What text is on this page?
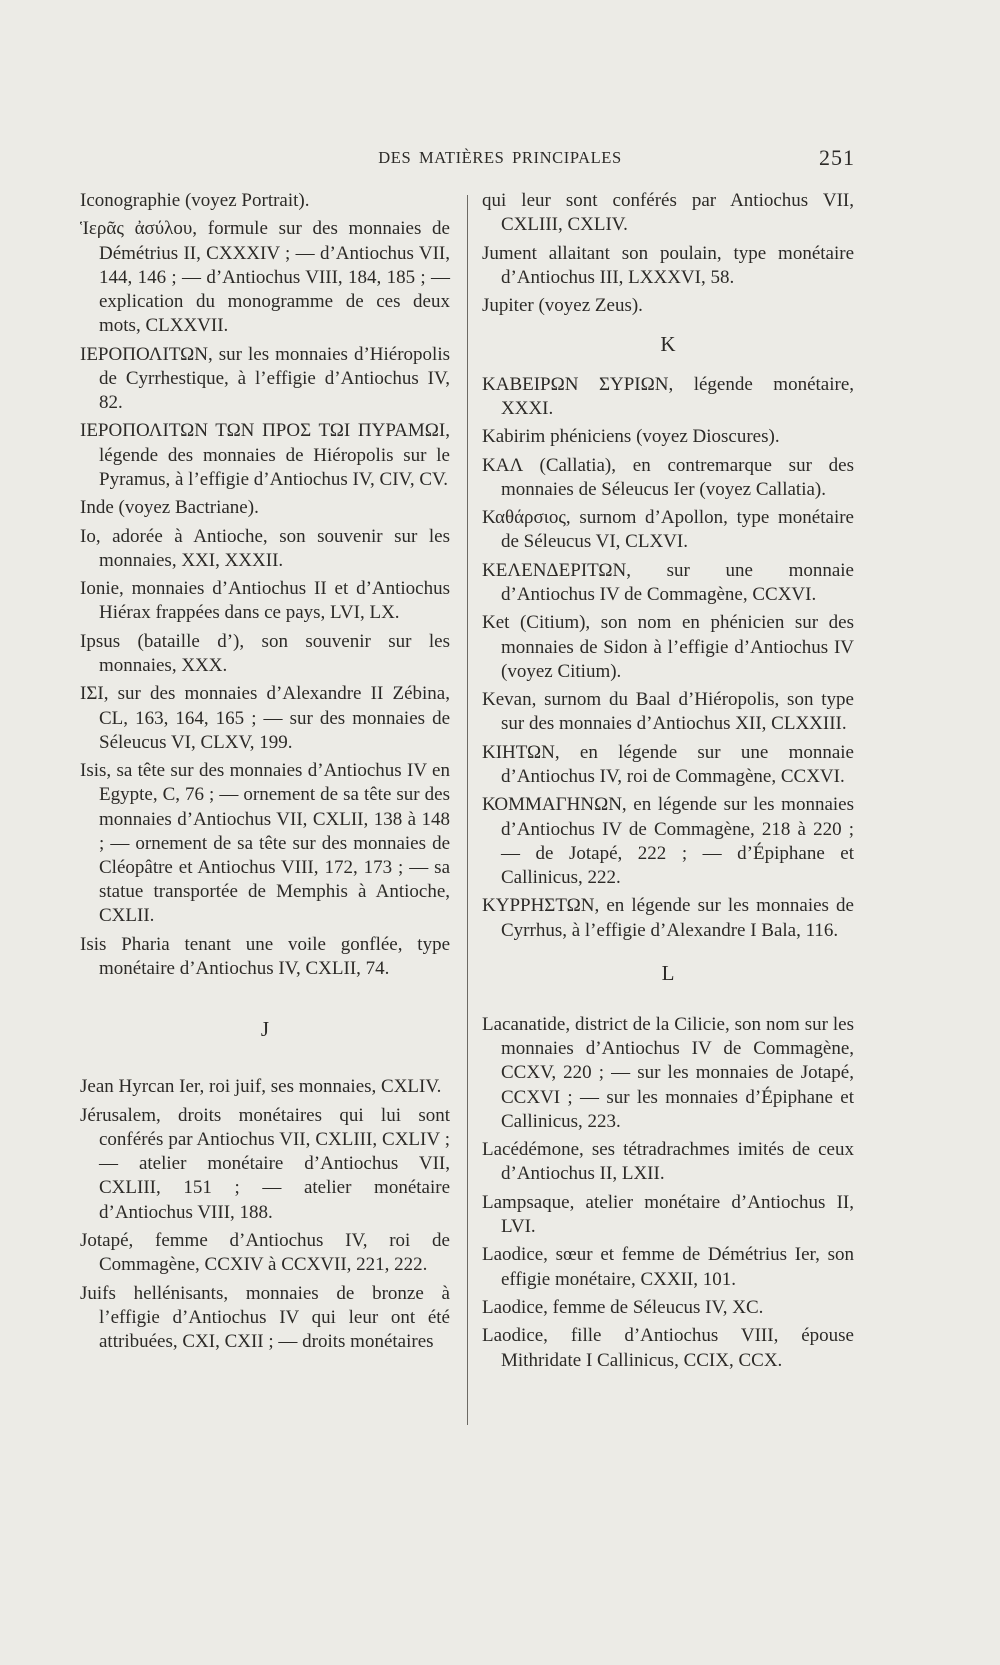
DES MATIÈRES PRINCIPALES	251

Iconographie (voyez Portrait).

Ἱερᾶς ἀσύλου, formule sur des monnaies de Démétrius II, CXXXIV ; — d’Antiochus VII, 144, 146 ; — d’Antiochus VIII, 184, 185 ; — explication du monogramme de ces deux mots, CLXXVII.

ΙΕΡΟΠΟΛΙΤΩΝ, sur les monnaies d’Hiéropolis de Cyrrhestique, à l’effigie d’Antiochus IV, 82.

ΙΕΡΟΠΟΛΙΤΩΝ ΤΩΝ ΠΡΟΣ ΤΩΙ ΠΥΡΑΜΩΙ, légende des monnaies de Hiéropolis sur le Pyramus, à l’effigie d’Antiochus IV, CIV, CV.

Inde (voyez Bactriane).

Io, adorée à Antioche, son souvenir sur les monnaies, XXI, XXXII.

Ionie, monnaies d’Antiochus II et d’Antiochus Hiérax frappées dans ce pays, LVI, LX.

Ipsus (bataille d’), son souvenir sur les monnaies, XXX.

ΙΣΙ, sur des monnaies d’Alexandre II Zébina, CL, 163, 164, 165 ; — sur des monnaies de Séleucus VI, CLXV, 199.

Isis, sa tête sur des monnaies d’Antiochus IV en Egypte, C, 76 ; — ornement de sa tête sur des monnaies d’Antiochus VII, CXLII, 138 à 148 ; — ornement de sa tête sur des monnaies de Cléopâtre et Antiochus VIII, 172, 173 ; — sa statue transportée de Memphis à Antioche, CXLII.

Isis Pharia tenant une voile gonflée, type monétaire d’Antiochus IV, CXLII, 74.

J

Jean Hyrcan Ier, roi juif, ses monnaies, CXLIV.

Jérusalem, droits monétaires qui lui sont conférés par Antiochus VII, CXLIII, CXLIV ; — atelier monétaire d’Antiochus VII, CXLIII, 151 ; — atelier monétaire d’Antiochus VIII, 188.

Jotapé, femme d’Antiochus IV, roi de Commagène, CCXIV à CCXVII, 221, 222.

Juifs hellénisants, monnaies de bronze à l’effigie d’Antiochus IV qui leur ont été attribuées, CXI, CXII ; — droits monétaires

qui leur sont conférés par Antiochus VII, CXLIII, CXLIV.

Jument allaitant son poulain, type monétaire d’Antiochus III, LXXXVI, 58.

Jupiter (voyez Zeus).

K

ΚΑΒΕΙΡΩΝ ΣΥΡΙΩΝ, légende monétaire, XXXI.

Kabirim phéniciens (voyez Dioscures).

ΚΑΛ (Callatia), en contremarque sur des monnaies de Séleucus Ier (voyez Callatia).

Καθάρσιος, surnom d’Apollon, type monétaire de Séleucus VI, CLXVI.

ΚΕΛΕΝΔΕΡΙΤΩΝ, sur une monnaie d’Antiochus IV de Commagène, CCXVI.

Ket (Citium), son nom en phénicien sur des monnaies de Sidon à l’effigie d’Antiochus IV (voyez Citium).

Kevan, surnom du Baal d’Hiéropolis, son type sur des monnaies d’Antiochus XII, CLXXIII.

ΚΙΗΤΩΝ, en légende sur une monnaie d’Antiochus IV, roi de Commagène, CCXVI.

ΚΟΜΜΑΓΗΝΩΝ, en légende sur les monnaies d’Antiochus IV de Commagène, 218 à 220 ; — de Jotapé, 222 ; — d’Épiphane et Callinicus, 222.

ΚΥΡΡΗΣΤΩΝ, en légende sur les monnaies de Cyrrhus, à l’effigie d’Alexandre I Bala, 116.

L

Lacanatide, district de la Cilicie, son nom sur les monnaies d’Antiochus IV de Commagène, CCXV, 220 ; — sur les monnaies de Jotapé, CCXVI ; — sur les monnaies d’Épiphane et Callinicus, 223.

Lacédémone, ses tétradrachmes imités de ceux d’Antiochus II, LXII.

Lampsaque, atelier monétaire d’Antiochus II, LVI.

Laodice, sœur et femme de Démétrius Ier, son effigie monétaire, CXXII, 101.

Laodice, femme de Séleucus IV, XC.

Laodice, fille d’Antiochus VIII, épouse Mithridate I Callinicus, CCIX, CCX.
